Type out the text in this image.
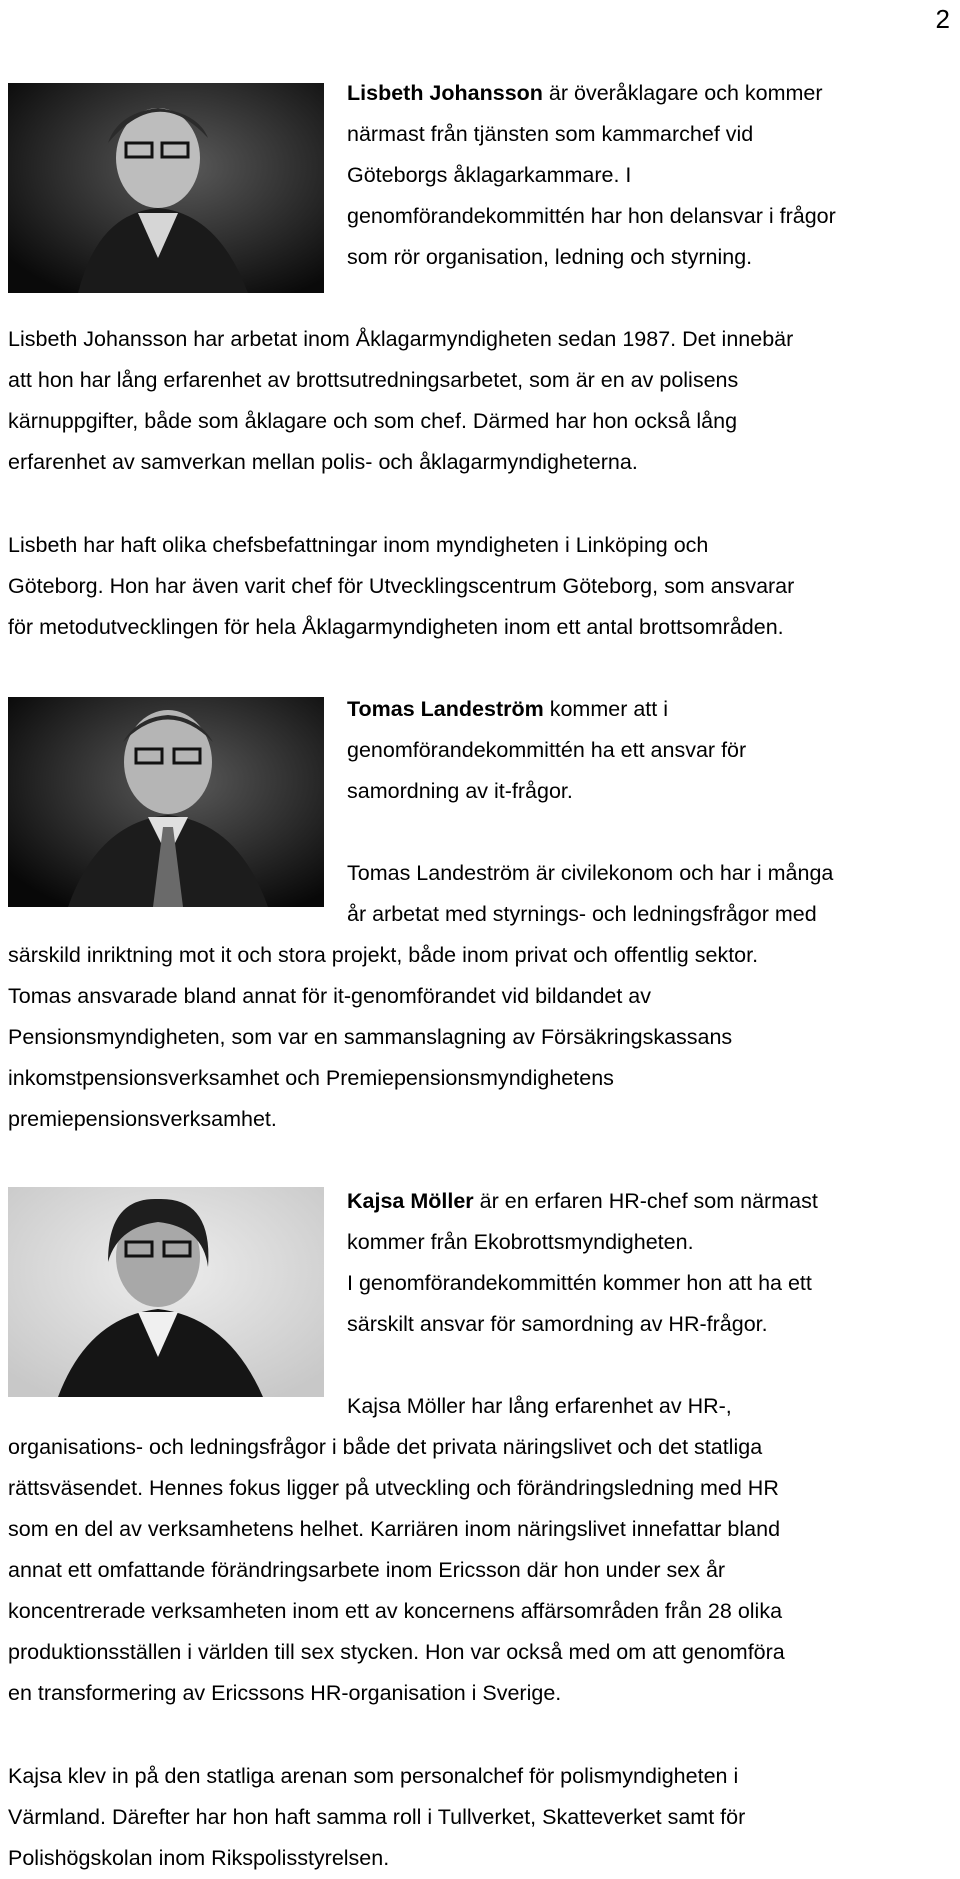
2

Lisbeth Johansson är överåklagare och kommer
närmast från tjänsten som kammarchef vid
Göteborgs åklagarkammare. I
genomförandekommittén har hon delansvar i frågor
som rör organisation, ledning och styrning.

Lisbeth Johansson har arbetat inom Åklagarmyndigheten sedan 1987. Det innebär
att hon har lång erfarenhet av brottsutredningsarbetet, som är en av polisens
kärnuppgifter, både som åklagare och som chef. Därmed har hon också lång
erfarenhet av samverkan mellan polis- och åklagarmyndigheterna.

Lisbeth har haft olika chefsbefattningar inom myndigheten i Linköping och
Göteborg. Hon har även varit chef för Utvecklingscentrum Göteborg, som ansvarar
för metodutvecklingen för hela Åklagarmyndigheten inom ett antal brottsområden.

Tomas Landeström kommer att i
genomförandekommittén ha ett ansvar för
samordning av it-frågor.

Tomas Landeström är civilekonom och har i många
år arbetat med styrnings- och ledningsfrågor med

särskild inriktning mot it och stora projekt, både inom privat och offentlig sektor.
Tomas ansvarade bland annat för it-genomförandet vid bildandet av
Pensionsmyndigheten, som var en sammanslagning av Försäkringskassans
inkomstpensionsverksamhet och Premiepensionsmyndighetens
premiepensionsverksamhet.

Kajsa Möller är en erfaren HR-chef som närmast
kommer från Ekobrottsmyndigheten.
I genomförandekommittén kommer hon att ha ett
särskilt ansvar för samordning av HR-frågor.

Kajsa Möller har lång erfarenhet av HR-,

organisations- och ledningsfrågor i både det privata näringslivet och det statliga
rättsväsendet. Hennes fokus ligger på utveckling och förändringsledning med HR
som en del av verksamhetens helhet. Karriären inom näringslivet innefattar bland
annat ett omfattande förändringsarbete inom Ericsson där hon under sex år
koncentrerade verksamheten inom ett av koncernens affärsområden från 28 olika
produktionsställen i världen till sex stycken. Hon var också med om att genomföra
en transformering av Ericssons HR-organisation i Sverige.

Kajsa klev in på den statliga arenan som personalchef för polismyndigheten i
Värmland. Därefter har hon haft samma roll i Tullverket, Skatteverket samt för
Polishögskolan inom Rikspolisstyrelsen.
